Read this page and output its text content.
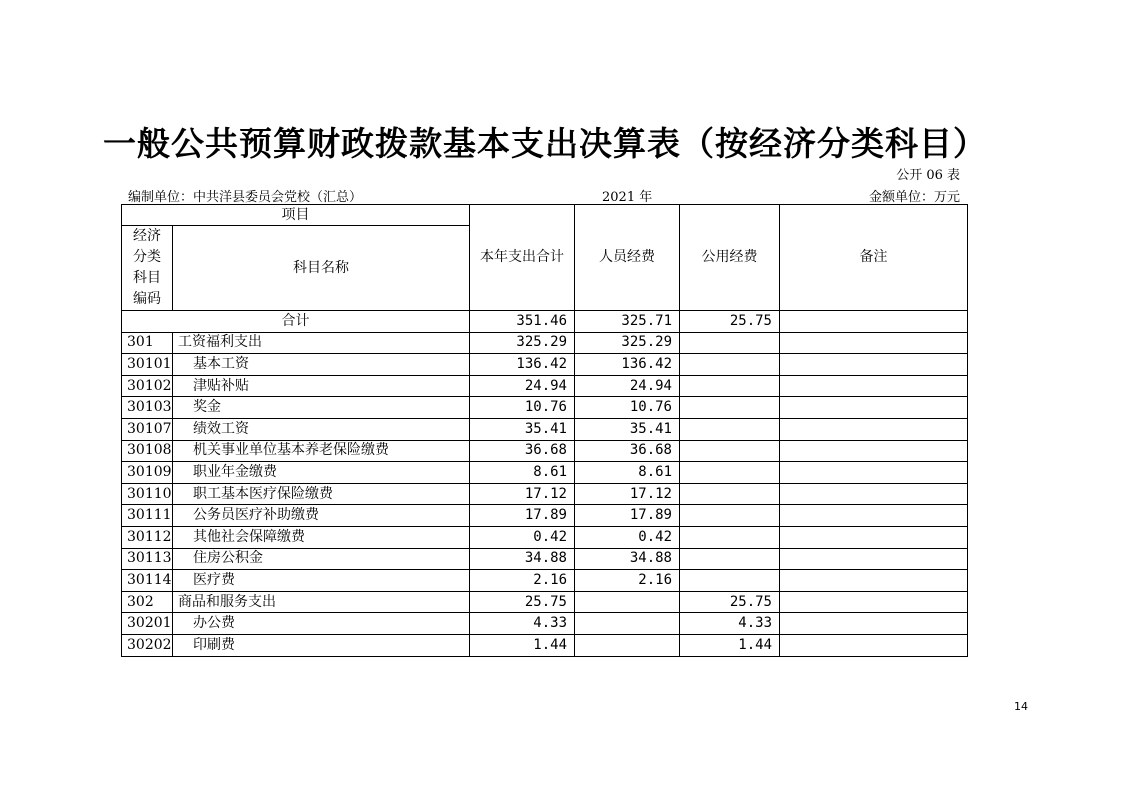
一般公共预算财政拨款基本支出决算表（按经济分类科目）
公开 06 表
编制单位：中共洋县委员会党校（汇总）	2021 年	金额单位：万元
项目		本年支出合计	人员经费	公用经费	备注

经济
分类
科目
编码	科目名称				
合计		351.46	325.71	25.75	
301	工资福利支出	325.29	325.29		
30101	基本工资	136.42	136.42		
30102	津贴补贴	24.94	24.94		
30103	奖金	10.76	10.76		
30107	绩效工资	35.41	35.41		
30108	机关事业单位基本养老保险缴费	36.68	36.68		
30109	职业年金缴费	8.61	8.61		
30110	职工基本医疗保险缴费	17.12	17.12		
30111	公务员医疗补助缴费	17.89	17.89		
30112	其他社会保障缴费	0.42	0.42		
30113	住房公积金	34.88	34.88		
30114	医疗费	2.16	2.16		
302	商品和服务支出	25.75		25.75	
30201	办公费	4.33		4.33	
30202	印刷费	1.44		1.44	
14
